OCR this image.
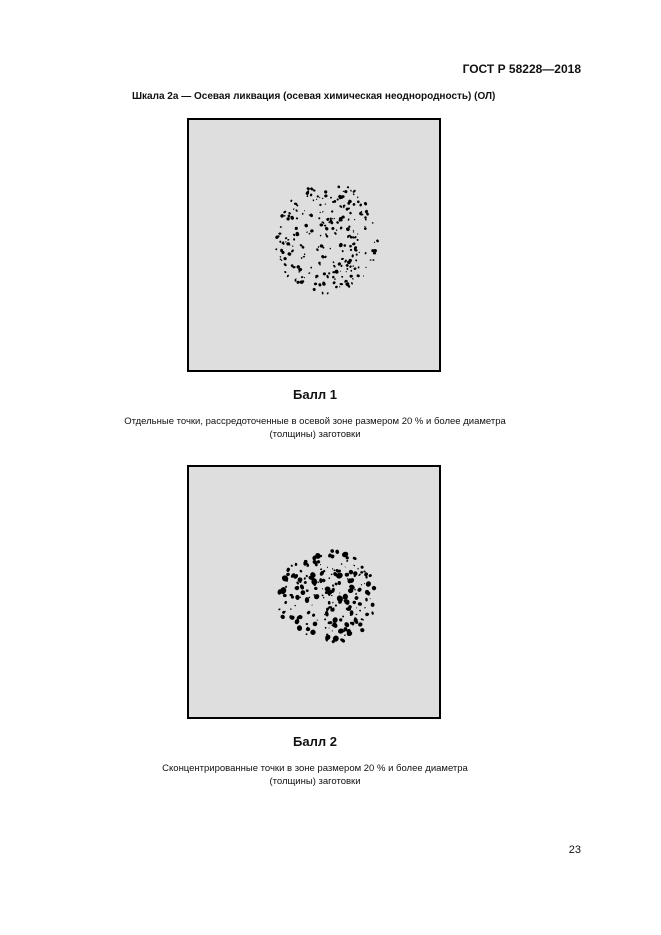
ГОСТ Р 58228—2018
Шкала 2а — Осевая ликвация (осевая химическая неоднородность) (ОЛ)
Балл 1
Отдельные точки, рассредоточенные в осевой зоне размером 20 % и более диаметра
(толщины) заготовки
Балл 2
Сконцентрированные точки в зоне размером 20 % и более диаметра
(толщины) заготовки
23
